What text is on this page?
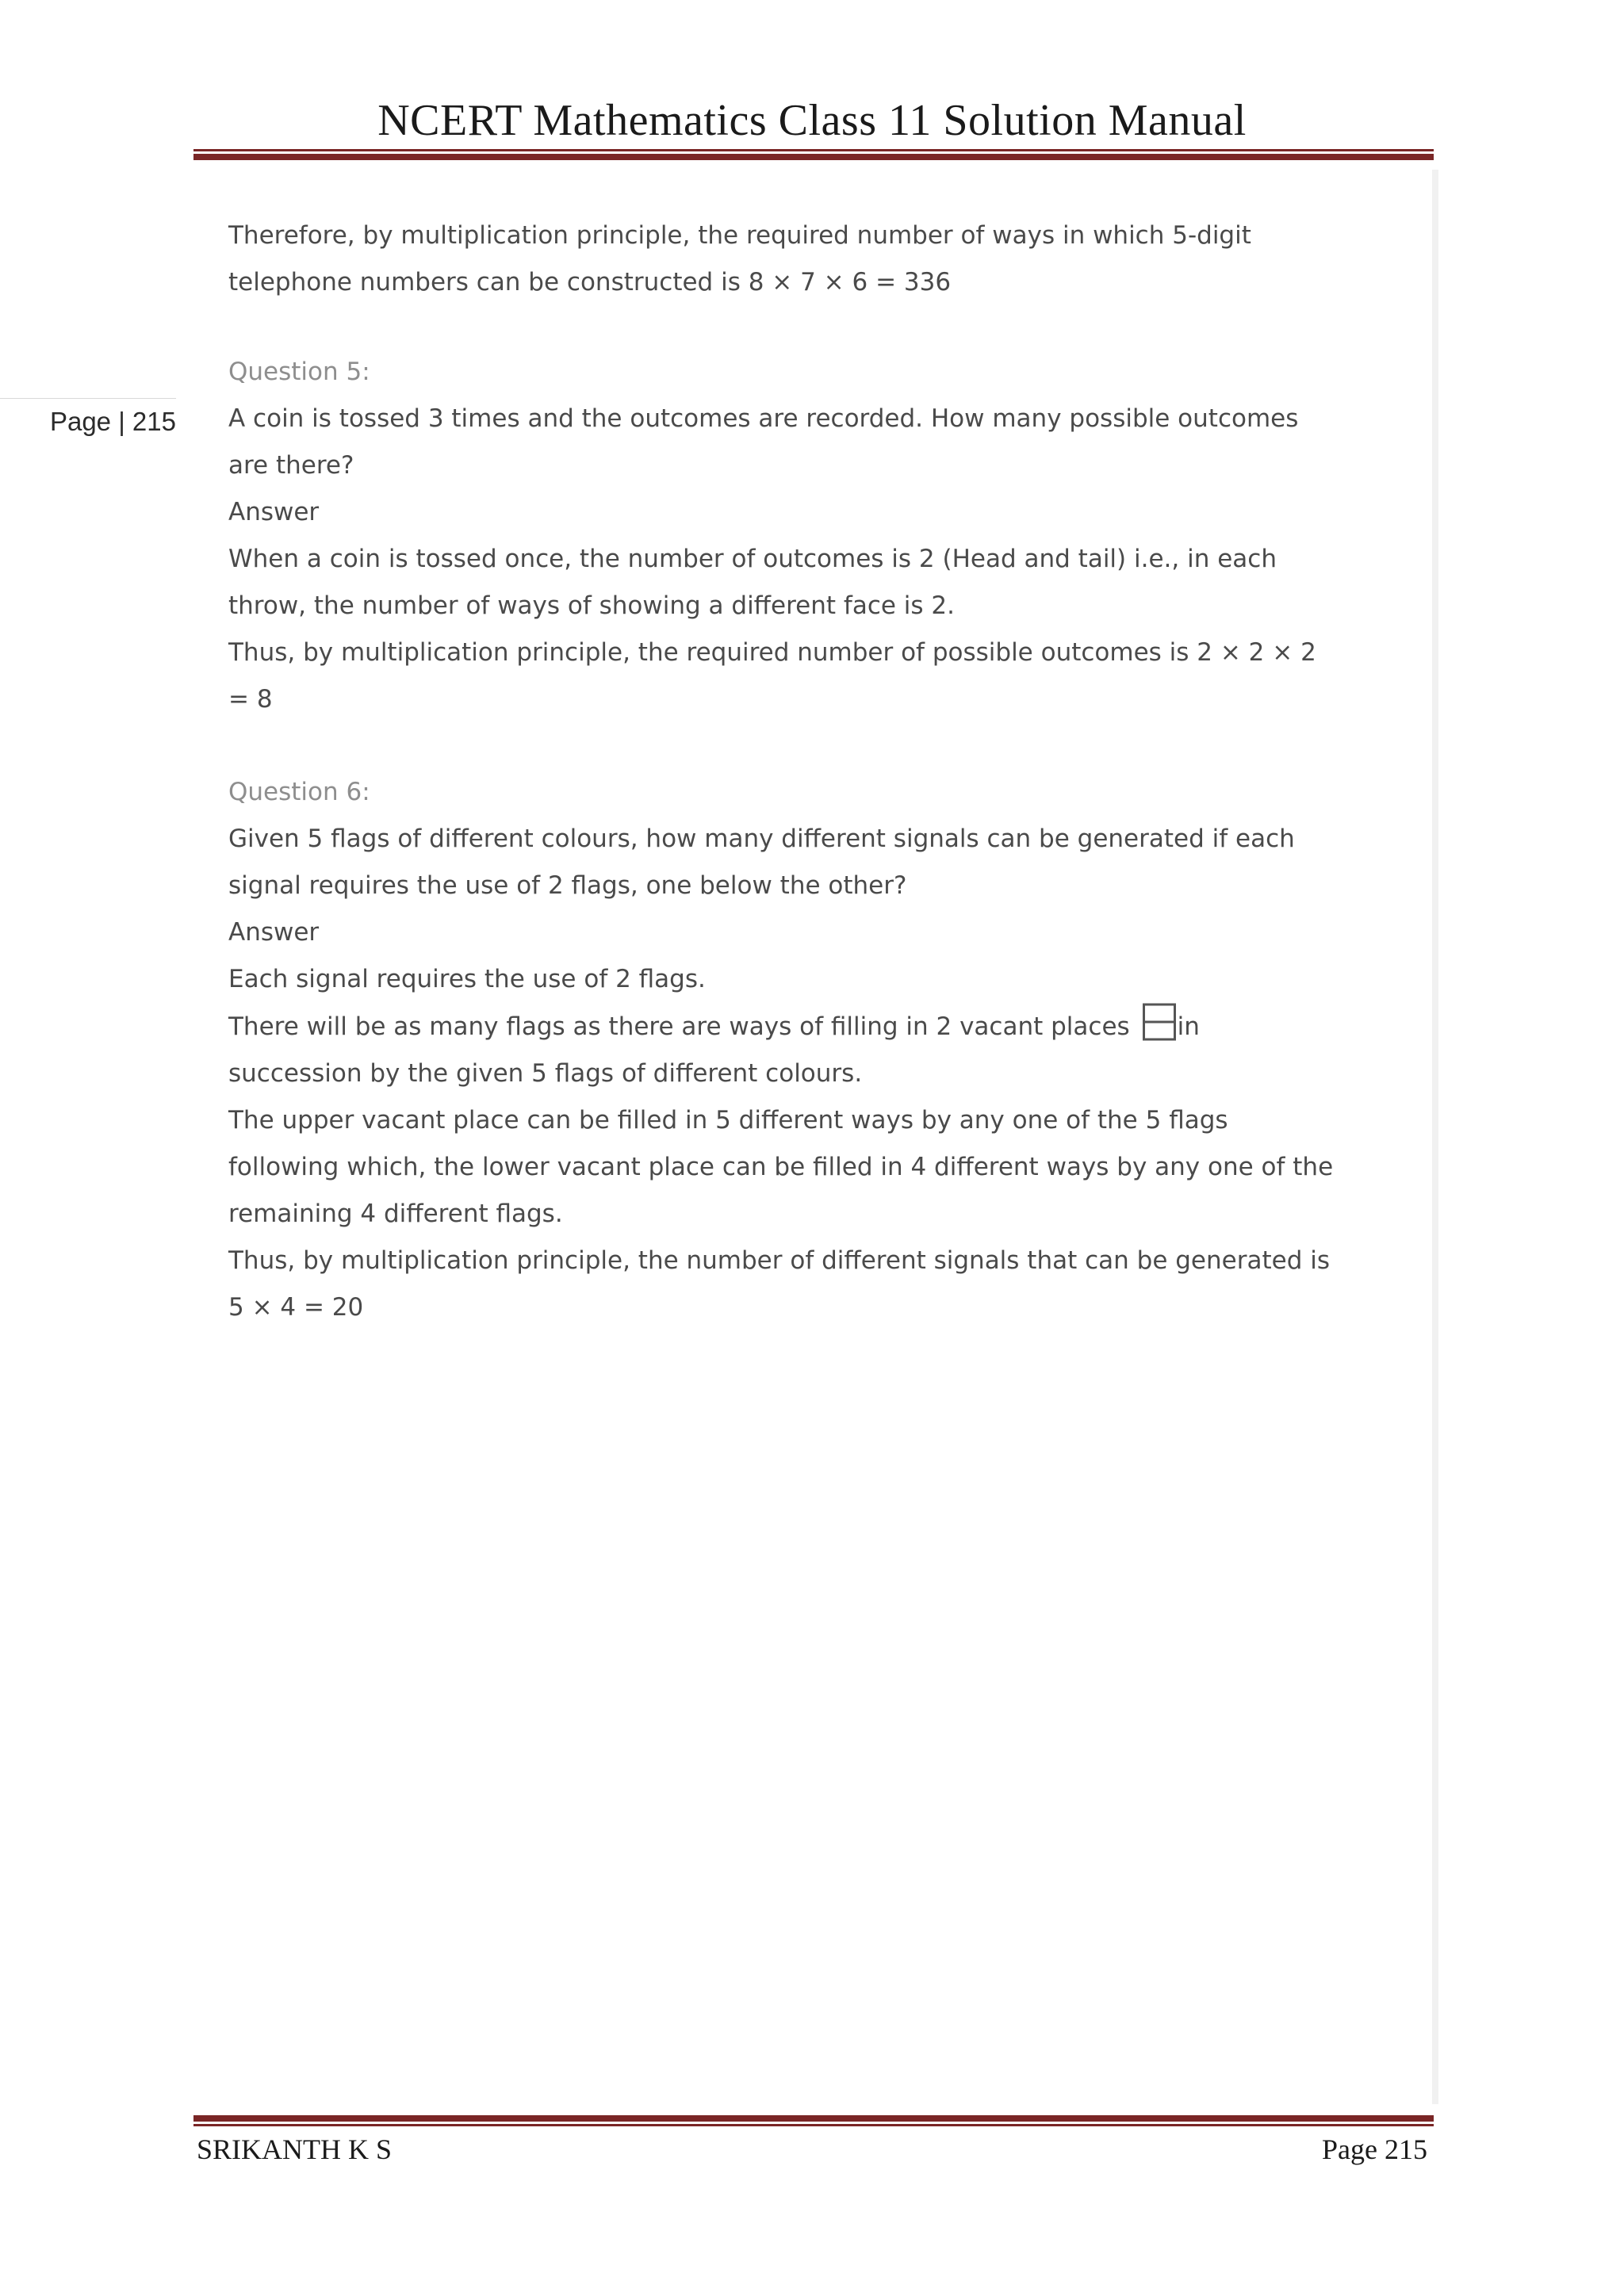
NCERT Mathematics Class 11 Solution Manual
Page | 215

Therefore, by multiplication principle, the required number of ways in which 5-digit

telephone numbers can be constructed is 8 × 7 × 6 = 336

Question 5:

A coin is tossed 3 times and the outcomes are recorded. How many possible outcomes

are there?

Answer

When a coin is tossed once, the number of outcomes is 2 (Head and tail) i.e., in each

throw, the number of ways of showing a different face is 2.

Thus, by multiplication principle, the required number of possible outcomes is 2 × 2 × 2

= 8

Question 6:

Given 5 flags of different colours, how many different signals can be generated if each

signal requires the use of 2 flags, one below the other?

Answer

Each signal requires the use of 2 flags.

There will be as many flags as there are ways of filling in 2 vacant places in

succession by the given 5 flags of different colours.

The upper vacant place can be filled in 5 different ways by any one of the 5 flags

following which, the lower vacant place can be filled in 4 different ways by any one of the

remaining 4 different flags.

Thus, by multiplication principle, the number of different signals that can be generated is

5 × 4 = 20

SRIKANTH K S	Page 215
